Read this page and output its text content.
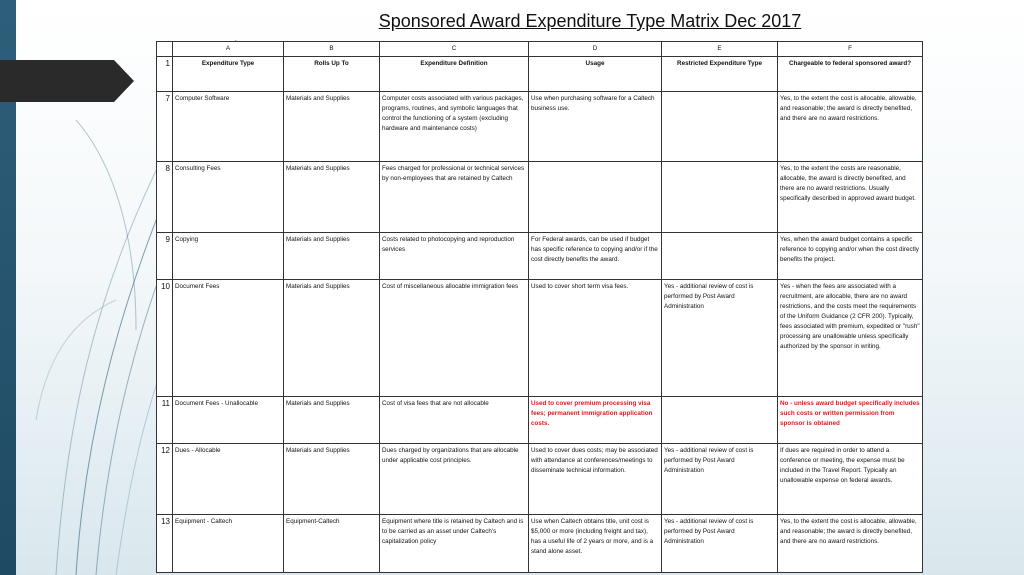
Sponsored Award Expenditure Type Matrix Dec 2017
	A	B	C	D	E	F
1	Expenditure Type	Rolls Up To	Expenditure Definition	Usage	Restricted Expenditure Type	Chargeable to federal sponsored award?
7	Computer Software	Materials and Supplies	Computer costs associated with various packages, programs, routines, and symbolic languages that control the functioning of a system (excluding hardware and maintenance costs)	Use when purchasing software for a Caltech business use.		Yes, to the extent the cost is allocable, allowable, and reasonable; the award is directly benefited, and there are no award restrictions.
8	Consulting Fees	Materials and Supplies	Fees charged for professional or technical services by non-employees that are retained by Caltech			Yes, to the extent the costs are reasonable, allocable, the award is directly benefited, and there are no award restrictions. Usually specifically described in approved award budget.
9	Copying	Materials and Supplies	Costs related to photocopying and reproduction services	For Federal awards, can be used if budget has specific reference to copying and/or if the cost directly benefits the award.		Yes, when the award budget contains a specific reference to copying and/or when the cost directly benefits the project.
10	Document Fees	Materials and Supplies	Cost of miscellaneous allocable immigration fees	Used to cover short term visa fees.	Yes - additional review of cost is performed by Post Award Administration	Yes - when the fees are associated with a recruitment, are allocable, there are no award restrictions, and the costs meet the requirements of the Uniform Guidance (2 CFR 200). Typically, fees associated with premium, expedited or "rush" processing are unallowable unless specifically authorized by the sponsor in writing.
11	Document Fees - Unallocable	Materials and Supplies	Cost of visa fees that are not allocable	Used to cover premium processing visa fees; permanent immigration application costs.		No - unless award budget specifically includes such costs or written permission from sponsor is obtained
12	Dues - Allocable	Materials and Supplies	Dues charged by organizations that are allocable under applicable cost principles.	Used to cover dues costs; may be associated with attendance at conferences/meetings to disseminate technical information.	Yes - additional review of cost is performed by Post Award Administration	If dues are required in order to attend a conference or meeting, the expense must be included in the Travel Report. Typically an unallowable expense on federal awards.
13	Equipment - Caltech	Equipment-Caltech	Equipment where title is retained by Caltech and is to be carried as an asset under Caltech's capitalization policy	Use when Caltech obtains title, unit cost is $5,000 or more (including freight and tax), has a useful life of 2 years or more, and is a stand alone asset.	Yes - additional review of cost is performed by Post Award Administration	Yes, to the extent the cost is allocable, allowable, and reasonable; the award is directly benefited, and there are no award restrictions.
